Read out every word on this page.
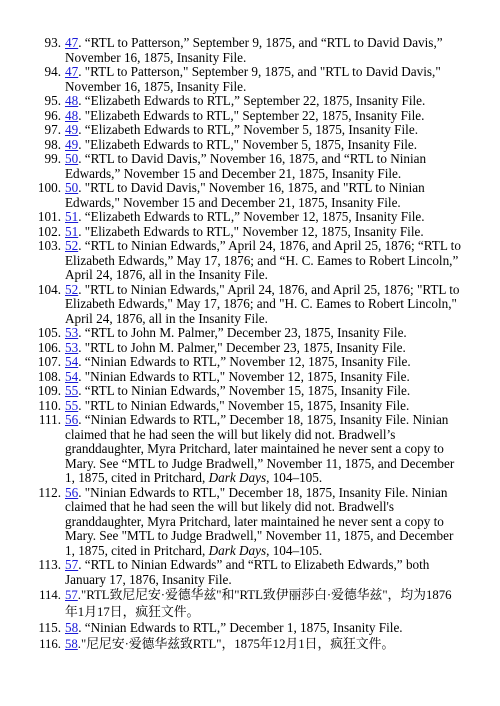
93. 47. “RTL to Patterson,” September 9, 1875, and “RTL to David Davis,” November 16, 1875, Insanity File.
94. 47. "RTL to Patterson," September 9, 1875, and "RTL to David Davis," November 16, 1875, Insanity File.
95. 48. “Elizabeth Edwards to RTL,” September 22, 1875, Insanity File.
96. 48. "Elizabeth Edwards to RTL," September 22, 1875, Insanity File.
97. 49. “Elizabeth Edwards to RTL,” November 5, 1875, Insanity File.
98. 49. "Elizabeth Edwards to RTL," November 5, 1875, Insanity File.
99. 50. “RTL to David Davis,” November 16, 1875, and “RTL to Ninian Edwards,” November 15 and December 21, 1875, Insanity File.
100. 50. "RTL to David Davis," November 16, 1875, and "RTL to Ninian Edwards," November 15 and December 21, 1875, Insanity File.
101. 51. “Elizabeth Edwards to RTL,” November 12, 1875, Insanity File.
102. 51. "Elizabeth Edwards to RTL," November 12, 1875, Insanity File.
103. 52. “RTL to Ninian Edwards,” April 24, 1876, and April 25, 1876; “RTL to Elizabeth Edwards,” May 17, 1876; and “H. C. Eames to Robert Lincoln,” April 24, 1876, all in the Insanity File.
104. 52. "RTL to Ninian Edwards," April 24, 1876, and April 25, 1876; "RTL to Elizabeth Edwards," May 17, 1876; and "H. C. Eames to Robert Lincoln," April 24, 1876, all in the Insanity File.
105. 53. “RTL to John M. Palmer,” December 23, 1875, Insanity File.
106. 53. "RTL to John M. Palmer," December 23, 1875, Insanity File.
107. 54. “Ninian Edwards to RTL,” November 12, 1875, Insanity File.
108. 54. "Ninian Edwards to RTL," November 12, 1875, Insanity File.
109. 55. “RTL to Ninian Edwards,” November 15, 1875, Insanity File.
110. 55. "RTL to Ninian Edwards," November 15, 1875, Insanity File.
111. 56. “Ninian Edwards to RTL,” December 18, 1875, Insanity File. Ninian claimed that he had seen the will but likely did not. Bradwell’s granddaughter, Myra Pritchard, later maintained he never sent a copy to Mary. See “MTL to Judge Bradwell,” November 11, 1875, and December 1, 1875, cited in Pritchard, Dark Days, 104–105.
112. 56. "Ninian Edwards to RTL," December 18, 1875, Insanity File. Ninian claimed that he had seen the will but likely did not. Bradwell's granddaughter, Myra Pritchard, later maintained he never sent a copy to Mary. See "MTL to Judge Bradwell," November 11, 1875, and December 1, 1875, cited in Pritchard, Dark Days, 104–105.
113. 57. “RTL to Ninian Edwards” and “RTL to Elizabeth Edwards,” both January 17, 1876, Insanity File.
114. 57."RTL致尼尼安·爱德华兹"和"RTL致伊丽莎白·爱德华兹"，均为1876年1月17日，疯狂文件。
115. 58. “Ninian Edwards to RTL,” December 1, 1875, Insanity File.
116. 58."尼尼安·爱德华兹致RTL"，1875年12月1日，疯狂文件。
